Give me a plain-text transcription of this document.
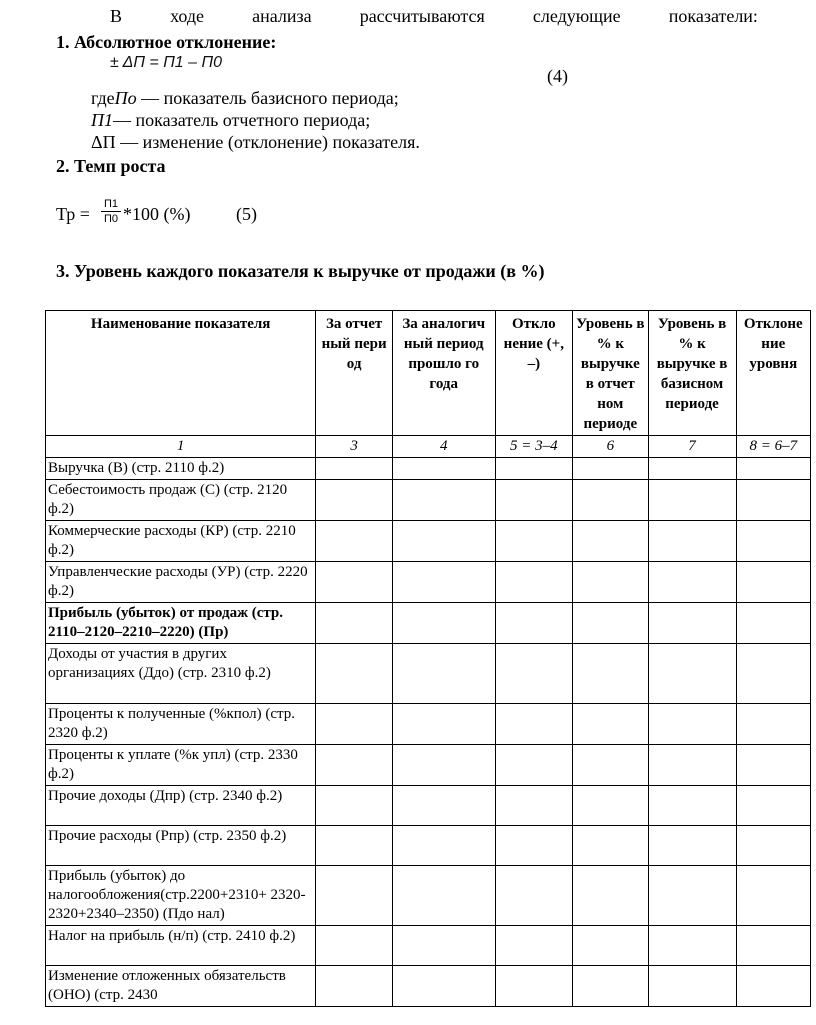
В	ходе	анализа	рассчитываются	следующие	показатели:
1. Абсолютное отклонение:
± ΔП = П1 – П0
(4)
гдеПо — показатель базисного периода;
П1— показатель отчетного периода;
ΔП — изменение (отклонение) показателя.
2. Темп роста
Тр = П1
П0 *100 (%)	(5)
3. Уровень каждого показателя к выручке от продажи (в %)
Наименование показателя	За отчет ный пери од	За аналогич ный период прошло го года	Откло нение (+, –)	Уровень в % к выручке в отчет ном периоде	Уровень в % к выручке в базисном периоде	Отклоне ние уровня
1	3	4	5 = 3–4	6	7	8 = 6–7
Выручка (В) (стр. 2110 ф.2)						
Себестоимость продаж (С) (стр. 2120 ф.2)						
Коммерческие расходы (КР) (стр. 2210 ф.2)						
Управленческие расходы (УР) (стр. 2220 ф.2)						
Прибыль (убыток) от продаж (стр. 2110–2120–2210–2220) (Пр)						
Доходы от участия в других организациях (Ддо) (стр. 2310 ф.2)						
Проценты к полученные (%кпол) (стр. 2320 ф.2)						
Проценты к уплате (%к упл) (стр. 2330 ф.2)						
Прочие доходы (Дпр) (стр. 2340 ф.2)						
Прочие расходы (Рпр) (стр. 2350 ф.2)						
Прибыль (убыток) до налогообложения(стр.2200+2310+ 2320-2320+2340–2350) (Пдо нал)						
Налог на прибыль (н/п) (стр. 2410 ф.2)						
Изменение отложенных обязательств (ОНО) (стр. 2430						
